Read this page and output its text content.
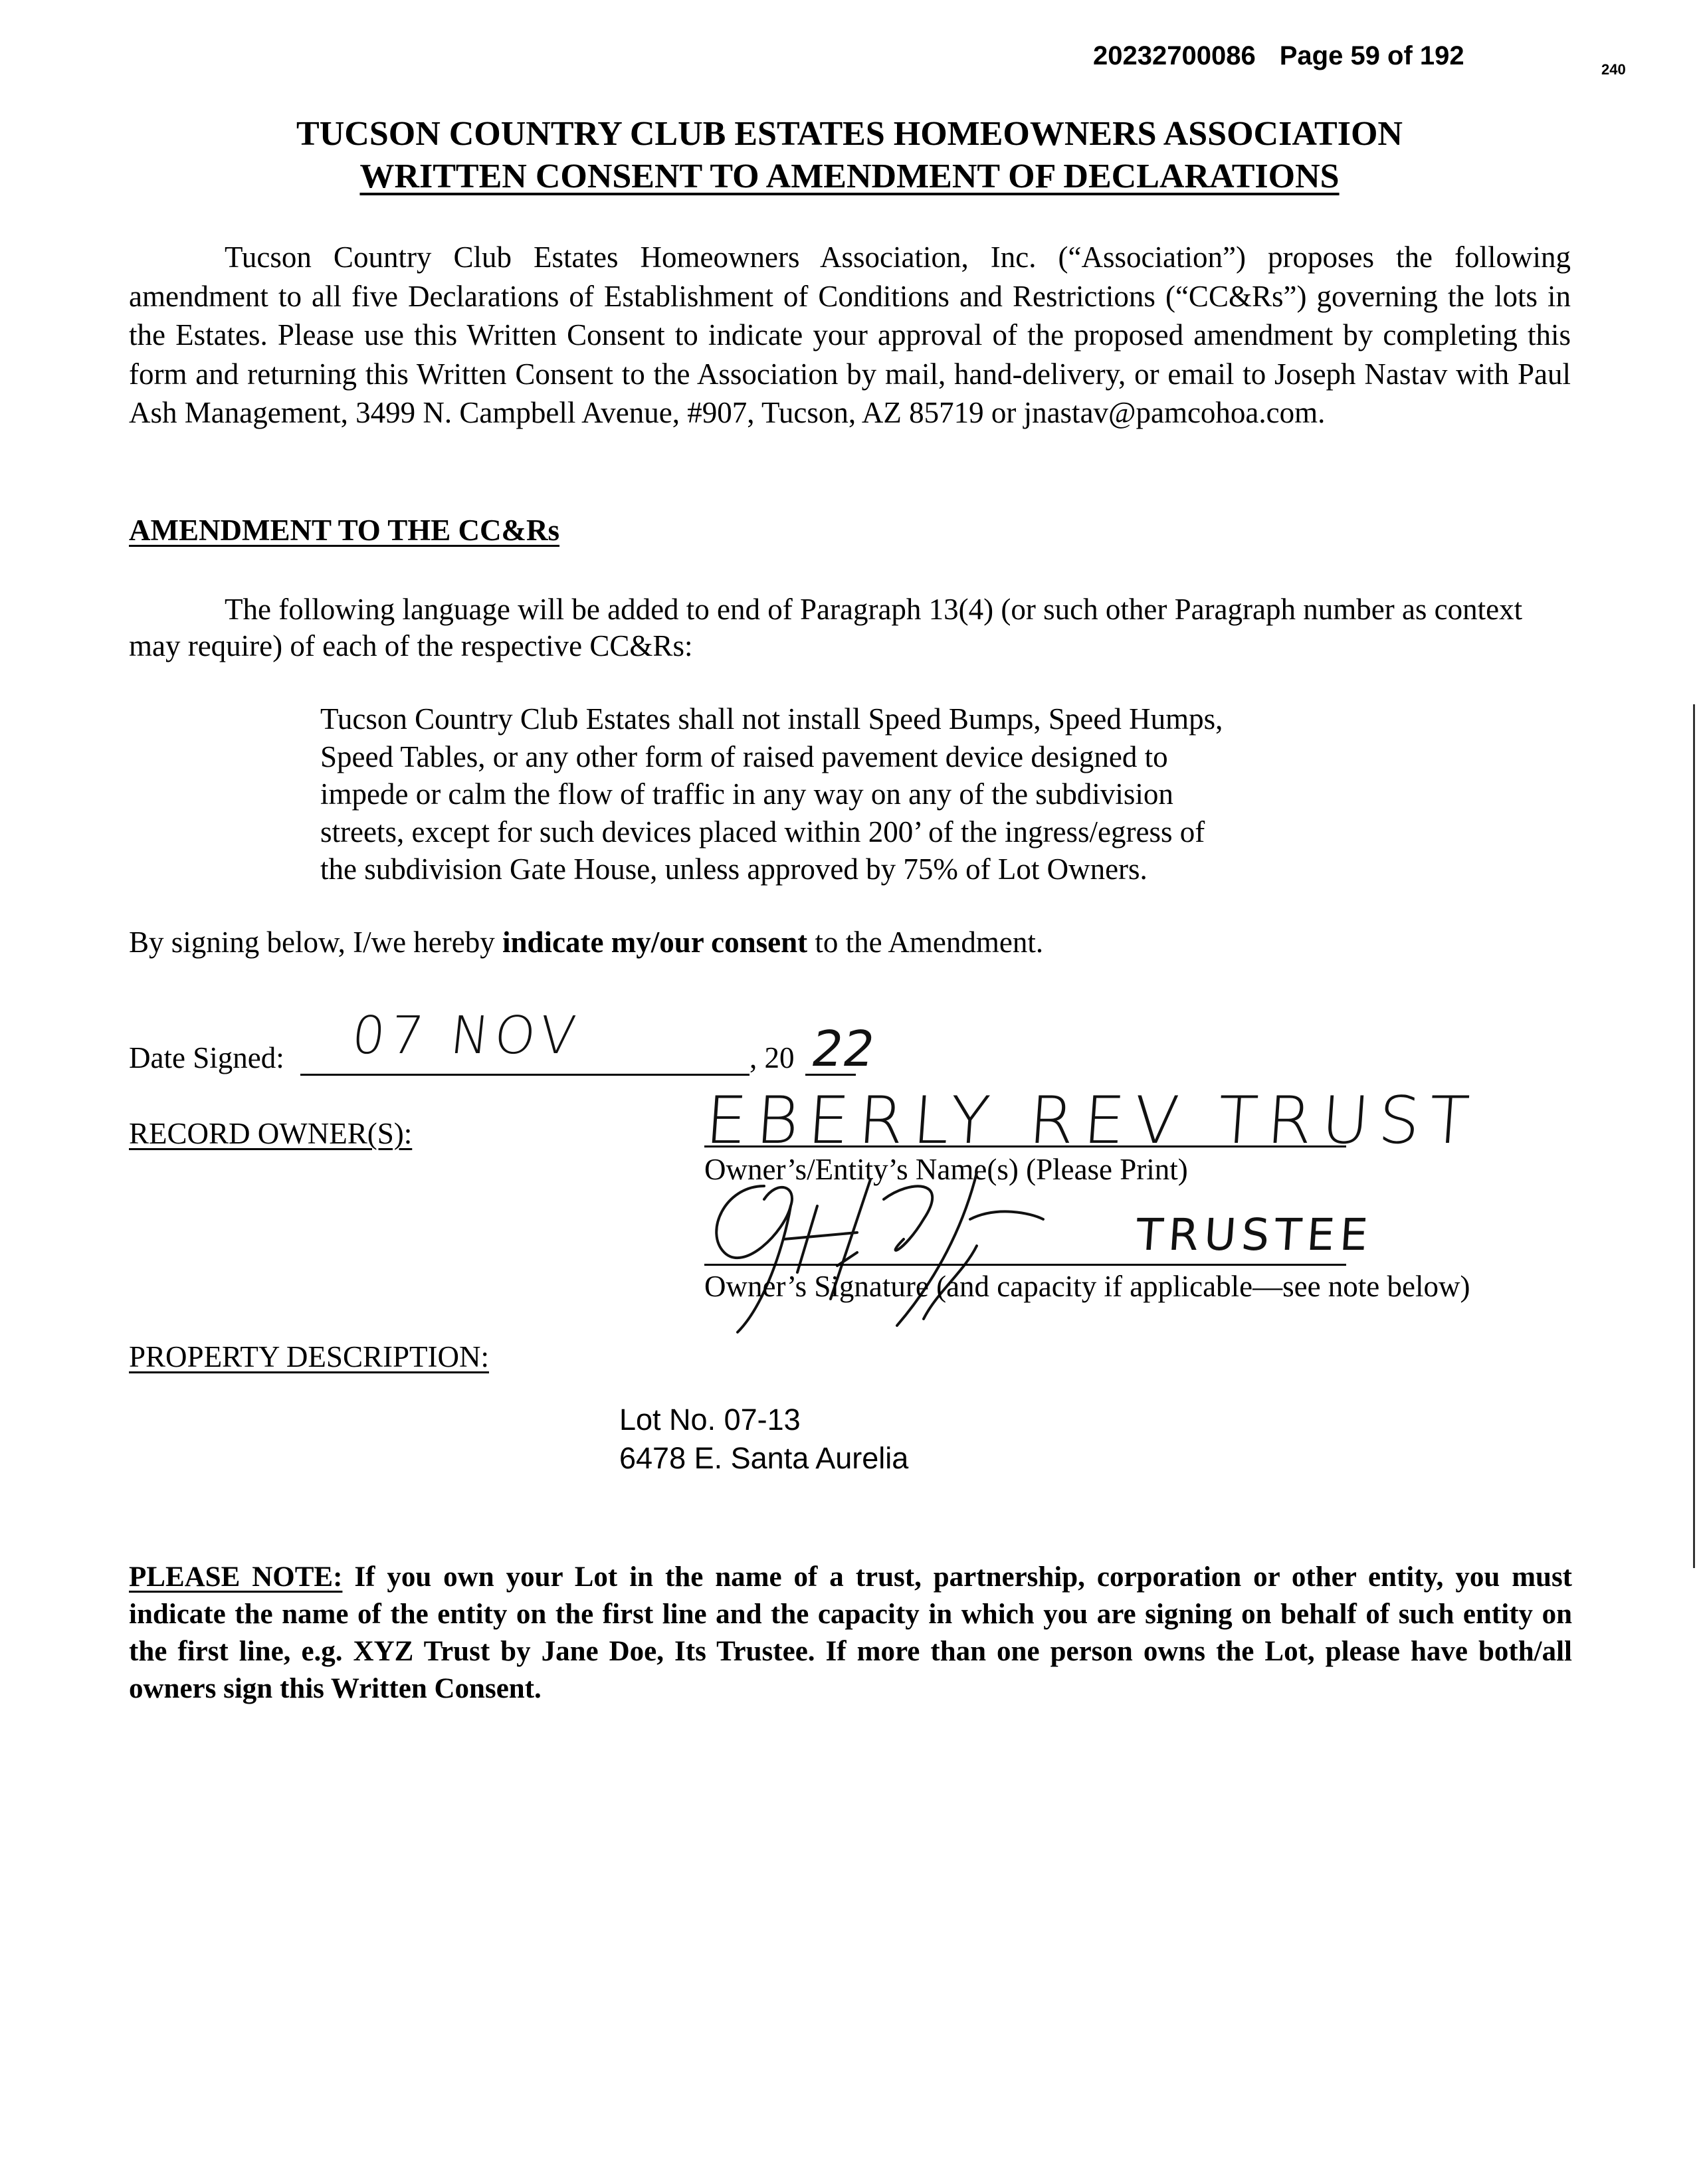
20232700086 Page 59 of 192	240
TUCSON COUNTRY CLUB ESTATES HOMEOWNERS ASSOCIATION
WRITTEN CONSENT TO AMENDMENT OF DECLARATIONS

Tucson Country Club Estates Homeowners Association, Inc. (“Association”) proposes the following amendment to all five Declarations of Establishment of Conditions and Restrictions (“CC&Rs”) governing the lots in the Estates. Please use this Written Consent to indicate your approval of the proposed amendment by completing this form and returning this Written Consent to the Association by mail, hand-delivery, or email to Joseph Nastav with Paul Ash Management, 3499 N. Campbell Avenue, #907, Tucson, AZ 85719 or jnastav@pamcohoa.com.

AMENDMENT TO THE CC&Rs

The following language will be added to end of Paragraph 13(4) (or such other Paragraph number as context may require) of each of the respective CC&Rs:

Tucson Country Club Estates shall not install Speed Bumps, Speed Humps,
Speed Tables, or any other form of raised pavement device designed to
impede or calm the flow of traffic in any way on any of the subdivision
streets, except for such devices placed within 200’ of the ingress/egress of
the subdivision Gate House, unless approved by 75% of Lot Owners.
By signing below, I/we hereby indicate my/our consent to the Amendment.
Date Signed: 07 NOV	, 20 22
RECORD OWNER(S):	EBERLY REV TRUST
Owner’s/Entity’s Name(s) (Please Print)
TRUSTEE
Owner’s Signature (and capacity if applicable—see note below)
PROPERTY DESCRIPTION:
Lot No. 07-13
6478 E. Santa Aurelia
PLEASE NOTE: If you own your Lot in the name of a trust, partnership, corporation or other entity, you must indicate the name of the entity on the first line and the capacity in which you are signing on behalf of such entity on the first line, e.g. XYZ Trust by Jane Doe, Its Trustee. If more than one person owns the Lot, please have both/all owners sign this Written Consent.
